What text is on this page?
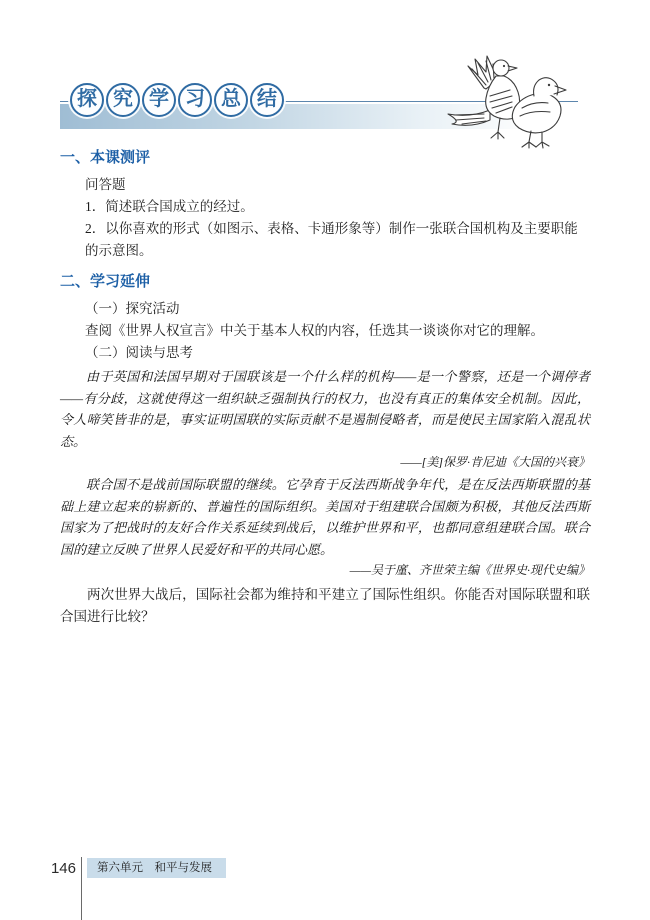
探 究 学 习 总 结
一、本课测评

问答题

1．简述联合国成立的经过。

2．以你喜欢的形式（如图示、表格、卡通形象等）制作一张联合国机构及主要职能的示意图。

二、学习延伸

（一）探究活动

查阅《世界人权宣言》中关于基本人权的内容，任选其一谈谈你对它的理解。

（二）阅读与思考

由于英国和法国早期对于国联该是一个什么样的机构——是一个警察，还是一个调停者——有分歧，这就使得这一组织缺乏强制执行的权力，也没有真正的集体安全机制。因此，令人啼笑皆非的是，事实证明国联的实际贡献不是遏制侵略者，而是使民主国家陷入混乱状态。

——[美]保罗·肯尼迪《大国的兴衰》

联合国不是战前国际联盟的继续。它孕育于反法西斯战争年代，是在反法西斯联盟的基础上建立起来的崭新的、普遍性的国际组织。美国对于组建联合国颇为积极，其他反法西斯国家为了把战时的友好合作关系延续到战后，以维护世界和平，也都同意组建联合国。联合国的建立反映了世界人民爱好和平的共同心愿。

——吴于廑、齐世荣主编《世界史·现代史编》

两次世界大战后，国际社会都为维持和平建立了国际性组织。你能否对国际联盟和联合国进行比较？

146	第六单元　和平与发展
